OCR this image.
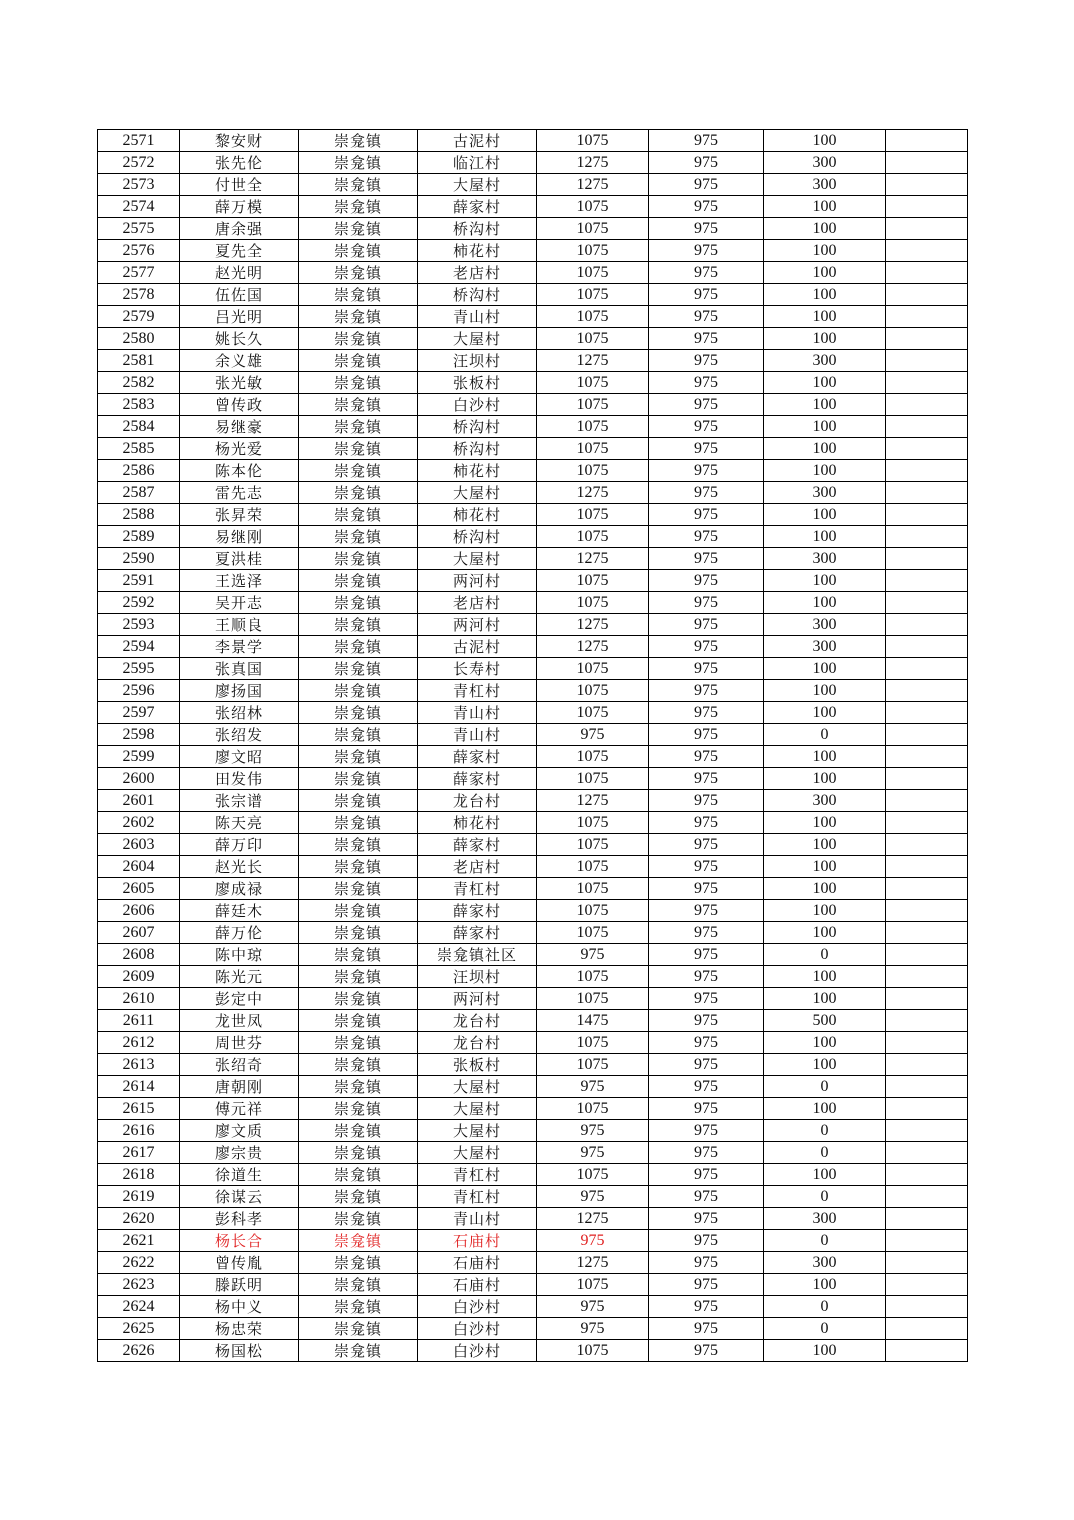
2571	黎安财	崇龛镇	古泥村	1075	975	100	
2572	张先伦	崇龛镇	临江村	1275	975	300	
2573	付世全	崇龛镇	大屋村	1275	975	300	
2574	薛万模	崇龛镇	薛家村	1075	975	100	
2575	唐余强	崇龛镇	桥沟村	1075	975	100	
2576	夏先全	崇龛镇	柿花村	1075	975	100	
2577	赵光明	崇龛镇	老店村	1075	975	100	
2578	伍佐国	崇龛镇	桥沟村	1075	975	100	
2579	吕光明	崇龛镇	青山村	1075	975	100	
2580	姚长久	崇龛镇	大屋村	1075	975	100	
2581	余义雄	崇龛镇	汪坝村	1275	975	300	
2582	张光敏	崇龛镇	张板村	1075	975	100	
2583	曾传政	崇龛镇	白沙村	1075	975	100	
2584	易继豪	崇龛镇	桥沟村	1075	975	100	
2585	杨光爱	崇龛镇	桥沟村	1075	975	100	
2586	陈本伦	崇龛镇	柿花村	1075	975	100	
2587	雷先志	崇龛镇	大屋村	1275	975	300	
2588	张昇荣	崇龛镇	柿花村	1075	975	100	
2589	易继刚	崇龛镇	桥沟村	1075	975	100	
2590	夏洪桂	崇龛镇	大屋村	1275	975	300	
2591	王选泽	崇龛镇	两河村	1075	975	100	
2592	吴开志	崇龛镇	老店村	1075	975	100	
2593	王顺良	崇龛镇	两河村	1275	975	300	
2594	李景学	崇龛镇	古泥村	1275	975	300	
2595	张真国	崇龛镇	长寿村	1075	975	100	
2596	廖扬国	崇龛镇	青杠村	1075	975	100	
2597	张绍林	崇龛镇	青山村	1075	975	100	
2598	张绍发	崇龛镇	青山村	975	975	0	
2599	廖文昭	崇龛镇	薛家村	1075	975	100	
2600	田发伟	崇龛镇	薛家村	1075	975	100	
2601	张宗谱	崇龛镇	龙台村	1275	975	300	
2602	陈天亮	崇龛镇	柿花村	1075	975	100	
2603	薛万印	崇龛镇	薛家村	1075	975	100	
2604	赵光长	崇龛镇	老店村	1075	975	100	
2605	廖成禄	崇龛镇	青杠村	1075	975	100	
2606	薛廷木	崇龛镇	薛家村	1075	975	100	
2607	薛万伦	崇龛镇	薛家村	1075	975	100	
2608	陈中琼	崇龛镇	崇龛镇社区	975	975	0	
2609	陈光元	崇龛镇	汪坝村	1075	975	100	
2610	彭定中	崇龛镇	两河村	1075	975	100	
2611	龙世凤	崇龛镇	龙台村	1475	975	500	
2612	周世芬	崇龛镇	龙台村	1075	975	100	
2613	张绍奇	崇龛镇	张板村	1075	975	100	
2614	唐朝刚	崇龛镇	大屋村	975	975	0	
2615	傅元祥	崇龛镇	大屋村	1075	975	100	
2616	廖文质	崇龛镇	大屋村	975	975	0	
2617	廖宗贵	崇龛镇	大屋村	975	975	0	
2618	徐道生	崇龛镇	青杠村	1075	975	100	
2619	徐谋云	崇龛镇	青杠村	975	975	0	
2620	彭科孝	崇龛镇	青山村	1275	975	300	
2621	杨长合	崇龛镇	石庙村	975	975	0	
2622	曾传胤	崇龛镇	石庙村	1275	975	300	
2623	滕跃明	崇龛镇	石庙村	1075	975	100	
2624	杨中义	崇龛镇	白沙村	975	975	0	
2625	杨忠荣	崇龛镇	白沙村	975	975	0	
2626	杨国松	崇龛镇	白沙村	1075	975	100	
